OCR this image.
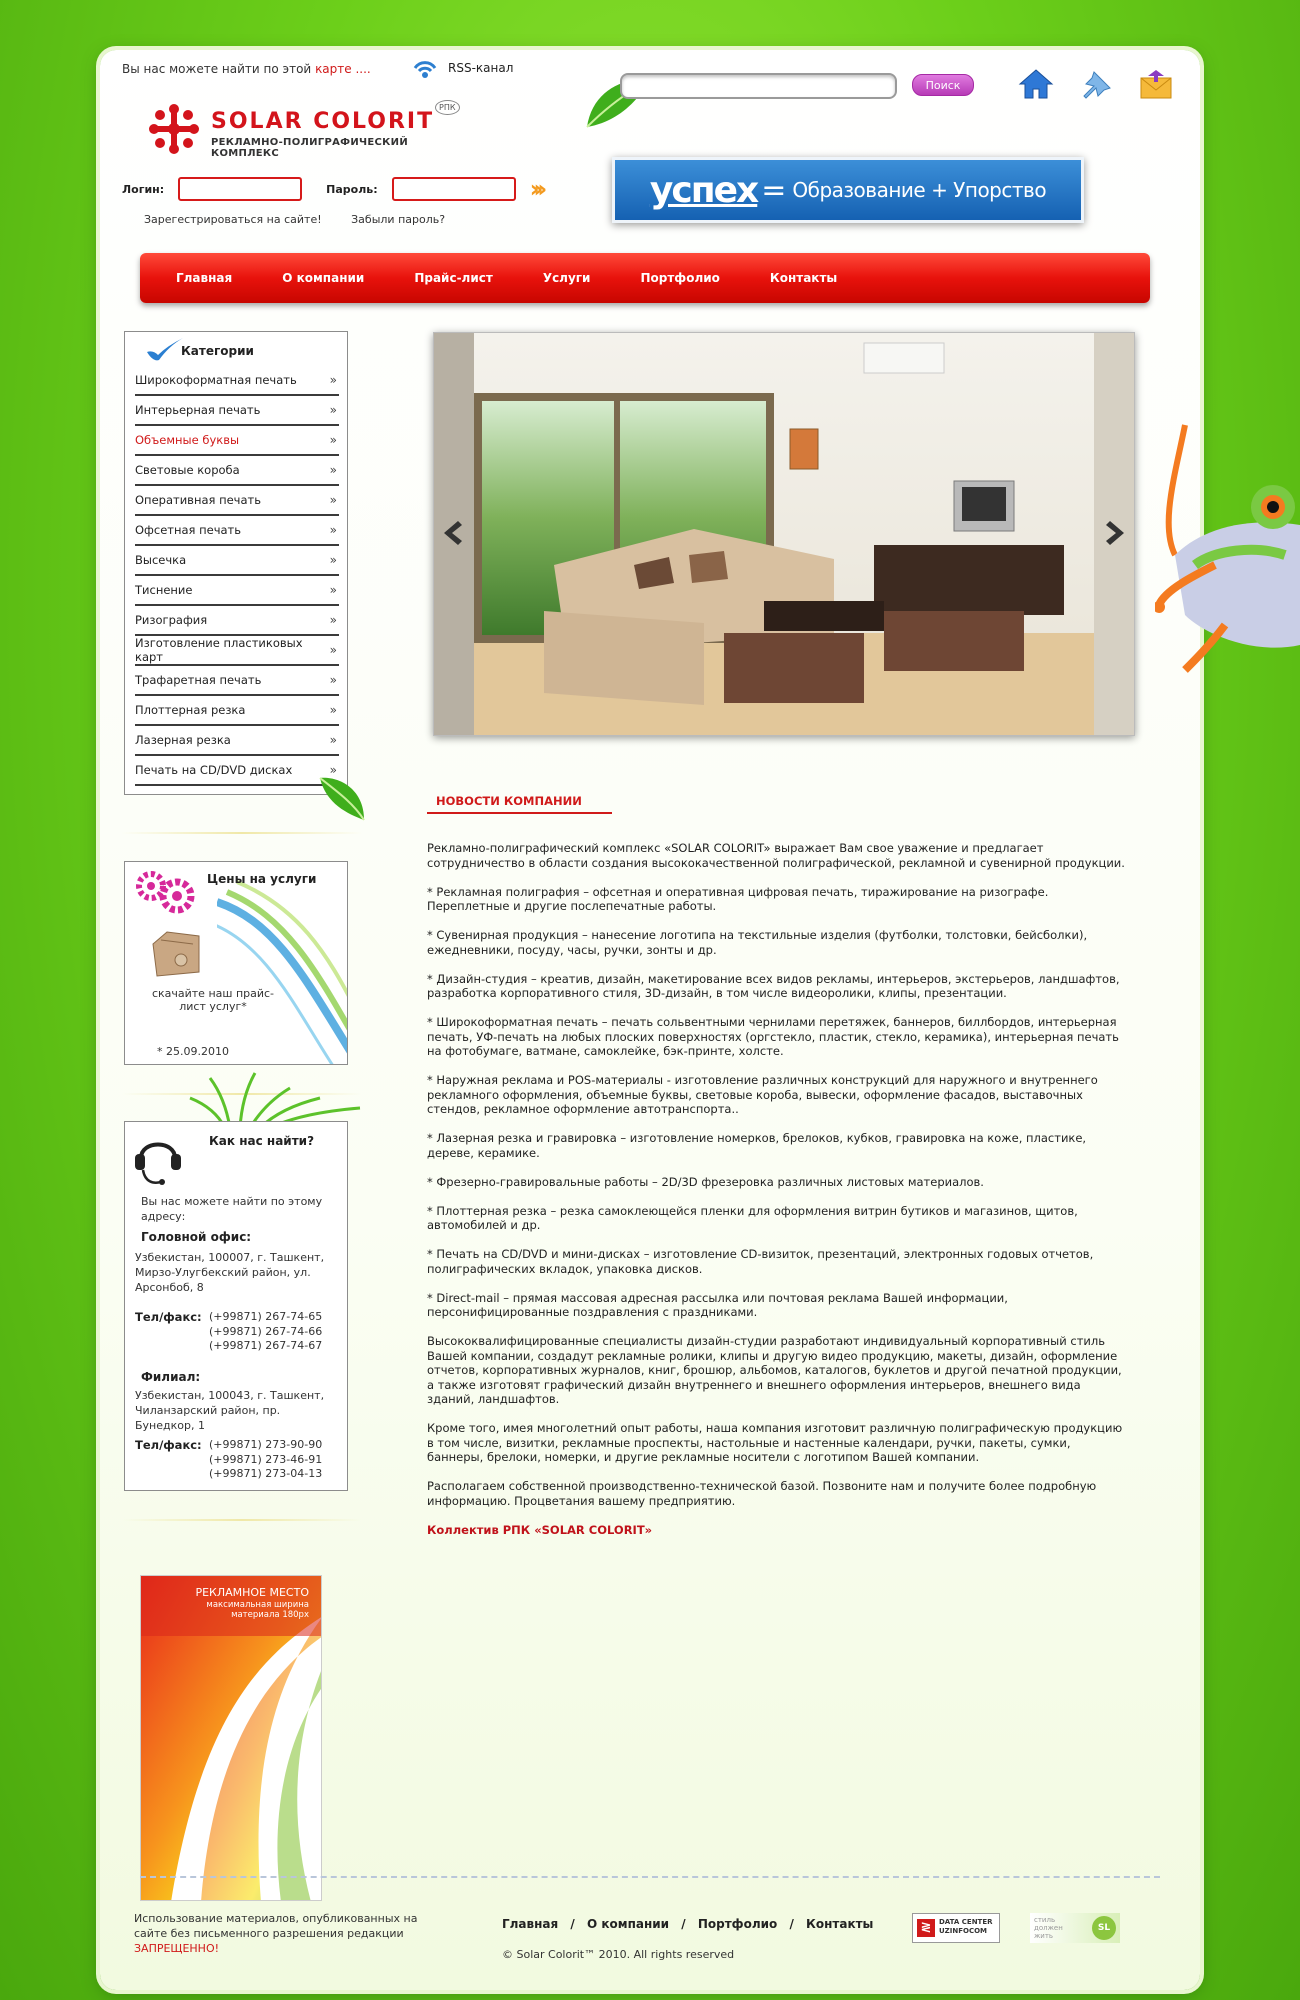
Вы нас можете найти по этой карте ....	RSS-канал
SOLAR COLORIT
РПК
РЕКЛАМНО-ПОЛИГРАФИЧЕСКИЙ КОМПЛЕКС
Поиск
Логин:	Пароль:	›››
Зарегестрироваться на сайте!	Забыли пароль?
успех = Образование + Упорство
Главная	О компании	Прайс-лист	Услуги	Портфолио	Контакты
Категории
Широкоформатная печать	»
Интерьерная печать	»
Объемные буквы	»
Световые короба	»
Оперативная печать	»
Офсетная печать	»
Высечка	»
Тиснение	»
Ризография	»
Изготовление пластиковых карт	»
Трафаретная печать	»
Плоттерная резка	»
Лазерная резка	»
Печать на CD/DVD дисках	»
Цены на услуги
скачайте наш прайс-лист услуг*
* 25.09.2010
Как нас найти?
Вы нас можете найти по этому адресу:
Головной офис:
Узбекистан, 100007, г. Ташкент, Мирзо-Улугбекский район, ул. Арсонбоб, 8
Тел/факс: (+99871) 267-74-65
(+99871) 267-74-66
(+99871) 267-74-67
Филиал:
Узбекистан, 100043, г. Ташкент, Чиланзарский район, пр. Бунедкор, 1
Тел/факс: (+99871) 273-90-90
(+99871) 273-46-91
(+99871) 273-04-13
РЕКЛАМНОЕ МЕСТО
максимальная ширина
материала 180px
НОВОСТИ КОМПАНИИ

Рекламно-полиграфический комплекс «SOLAR COLORIT» выражает Вам свое уважение и предлагает сотрудничество в области создания высококачественной полиграфической, рекламной и сувенирной продукции.

* Рекламная полиграфия – офсетная и оперативная цифровая печать, тиражирование на ризографе. Переплетные и другие послепечатные работы.

* Сувенирная продукция – нанесение логотипа на текстильные изделия (футболки, толстовки, бейсболки), ежедневники, посуду, часы, ручки, зонты и др.

* Дизайн-студия – креатив, дизайн, макетирование всех видов рекламы, интерьеров, экстерьеров, ландшафтов, разработка корпоративного стиля, 3D-дизайн, в том числе видеоролики, клипы, презентации.

* Широкоформатная печать – печать сольвентными чернилами перетяжек, баннеров, биллбордов, интерьерная печать, УФ-печать на любых плоских поверхностях (оргстекло, пластик, стекло, керамика), интерьерная печать на фотобумаге, ватмане, самоклейке, бэк-принте, холсте.

* Наружная реклама и POS-материалы - изготовление различных конструкций для наружного и внутреннего рекламного оформления, объемные буквы, световые короба, вывески, оформление фасадов, выставочных стендов, рекламное оформление автотранспорта..

* Лазерная резка и гравировка – изготовление номерков, брелоков, кубков, гравировка на коже, пластике, дереве, керамике.

* Фрезерно-гравировальные работы – 2D/3D фрезеровка различных листовых материалов.

* Плоттерная резка – резка самоклеющейся пленки для оформления витрин бутиков и магазинов, щитов, автомобилей и др.

* Печать на CD/DVD и мини-дисках – изготовление CD-визиток, презентаций, электронных годовых отчетов, полиграфических вкладок, упаковка дисков.

* Direct-mail – прямая массовая адресная рассылка или почтовая реклама Вашей информации, персонифицированные поздравления с праздниками.

Высококвалифицированные специалисты дизайн-студии разработают индивидуальный корпоративный стиль Вашей компании, создадут рекламные ролики, клипы и другую видео продукцию, макеты, дизайн, оформление отчетов, корпоративных журналов, книг, брошюр, альбомов, каталогов, буклетов и другой печатной продукции, а также изготовят графический дизайн внутреннего и внешнего оформления интерьеров, внешнего вида зданий, ландшафтов.

Кроме того, имея многолетний опыт работы, наша компания изготовит различную полиграфическую продукцию в том числе, визитки, рекламные проспекты, настольные и настенные календари, ручки, пакеты, сумки, баннеры, брелоки, номерки, и другие рекламные носители с логотипом Вашей компании.

Располагаем собственной производственно-технической базой. Позвоните нам и получите более подробную информацию. Процветания вашему предприятию.

Коллектив РПК «SOLAR COLORIT»

Использование материалов, опубликованных на сайте без письменного разрешения редакции ЗАПРЕЩЕННО!
Главная / О компании / Портфолио / Контакты
© Solar Colorit™ 2010. All rights reserved
≷	DATA CENTER
UZINFOCOM
стиль должен жить
SL
